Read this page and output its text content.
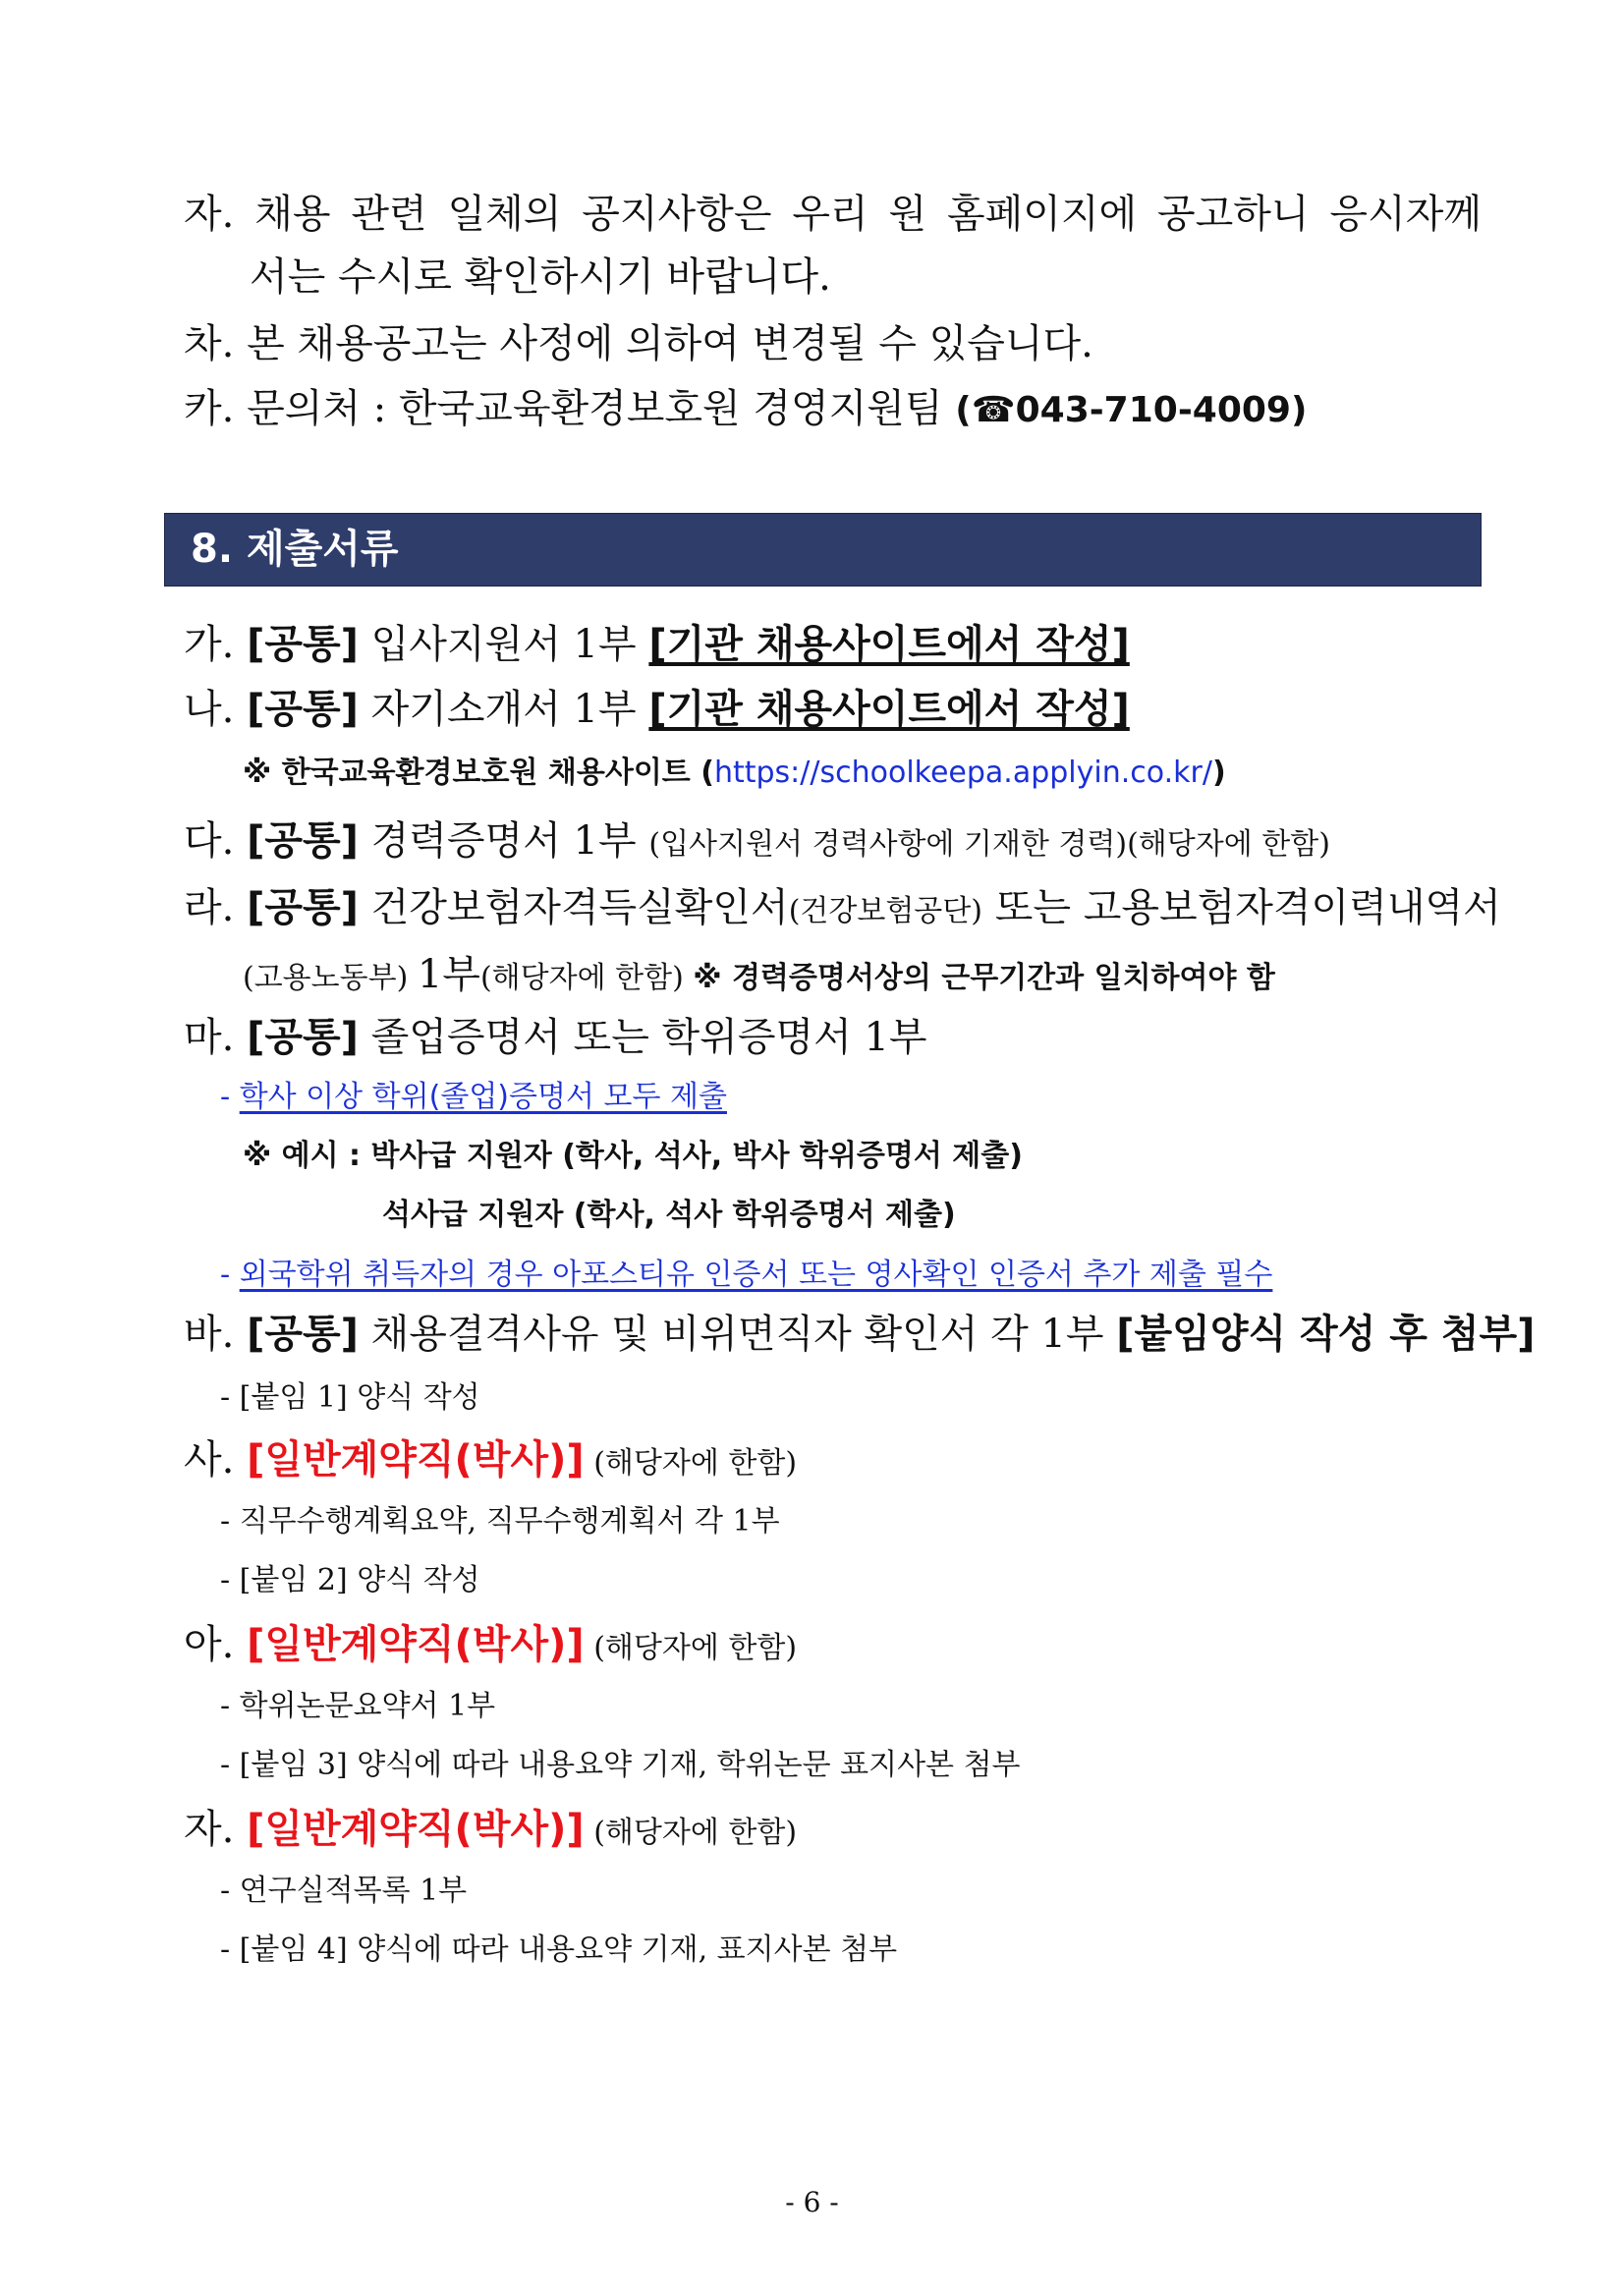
자. 채용 관련 일체의 공지사항은 우리 원 홈페이지에 공고하니 응시자께
서는 수시로 확인하시기 바랍니다.
차. 본 채용공고는 사정에 의하여 변경될 수 있습니다.
카. 문의처 : 한국교육환경보호원 경영지원팀 (☎043-710-4009)
8. 제출서류
가. [공통] 입사지원서 1부 [기관 채용사이트에서 작성]
나. [공통] 자기소개서 1부 [기관 채용사이트에서 작성]
※ 한국교육환경보호원 채용사이트 (https://schoolkeepa.applyin.co.kr/)
다. [공통] 경력증명서 1부 (입사지원서 경력사항에 기재한 경력)(해당자에 한함)
라. [공통] 건강보험자격득실확인서(건강보험공단) 또는 고용보험자격이력내역서
(고용노동부) 1부(해당자에 한함) ※ 경력증명서상의 근무기간과 일치하여야 함
마. [공통] 졸업증명서 또는 학위증명서 1부
- 학사 이상 학위(졸업)증명서 모두 제출
※ 예시 : 박사급 지원자 (학사, 석사, 박사 학위증명서 제출)
석사급 지원자 (학사, 석사 학위증명서 제출)
- 외국학위 취득자의 경우 아포스티유 인증서 또는 영사확인 인증서 추가 제출 필수
바. [공통] 채용결격사유 및 비위면직자 확인서 각 1부 [붙임양식 작성 후 첨부]
- [붙임 1] 양식 작성
사. [일반계약직(박사)] (해당자에 한함)
- 직무수행계획요약, 직무수행계획서 각 1부
- [붙임 2] 양식 작성
아. [일반계약직(박사)] (해당자에 한함)
- 학위논문요약서 1부
- [붙임 3] 양식에 따라 내용요약 기재, 학위논문 표지사본 첨부
자. [일반계약직(박사)] (해당자에 한함)
- 연구실적목록 1부
- [붙임 4] 양식에 따라 내용요약 기재, 표지사본 첨부
- 6 -
